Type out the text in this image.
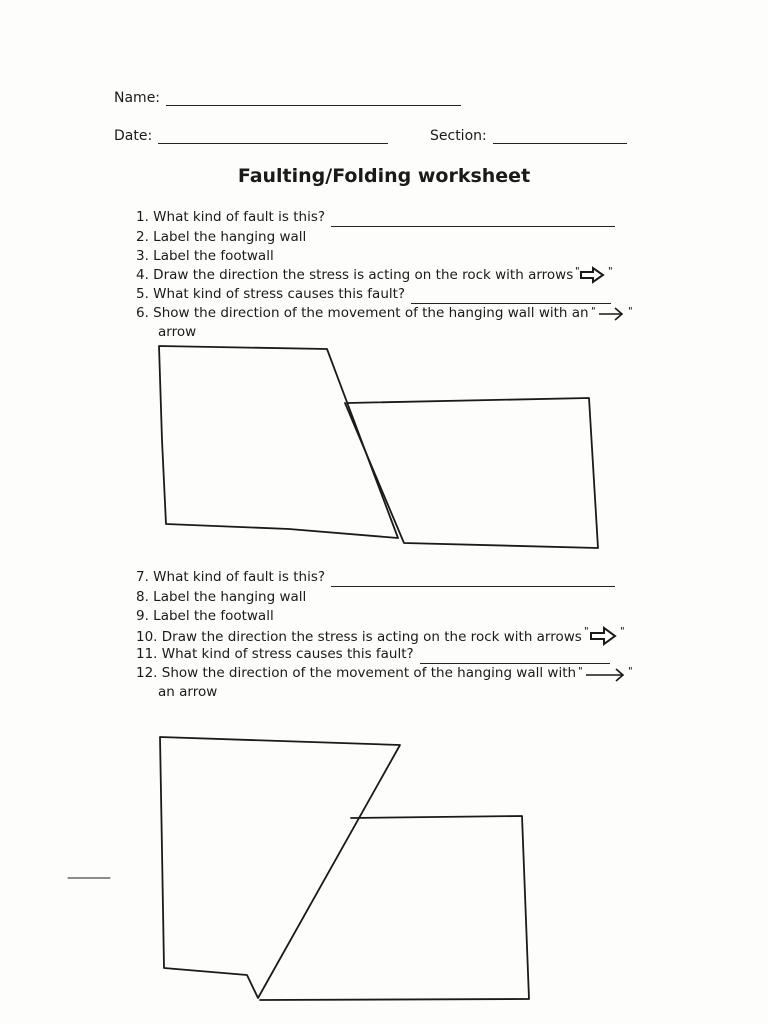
Name:
Date:	Section:
Faulting/Folding worksheet
1. What kind of fault is this?
2. Label the hanging wall
3. Label the footwall
4. Draw the direction the stress is acting on the rock with arrows "	"
5. What kind of stress causes this fault?
6. Show the direction of the movement of the hanging wall with an "	"
arrow
7. What kind of fault is this?
8. Label the hanging wall
9. Label the footwall
10. Draw the direction the stress is acting on the rock with arrows "	"
11. What kind of stress causes this fault?
12. Show the direction of the movement of the hanging wall with "	"
an arrow
